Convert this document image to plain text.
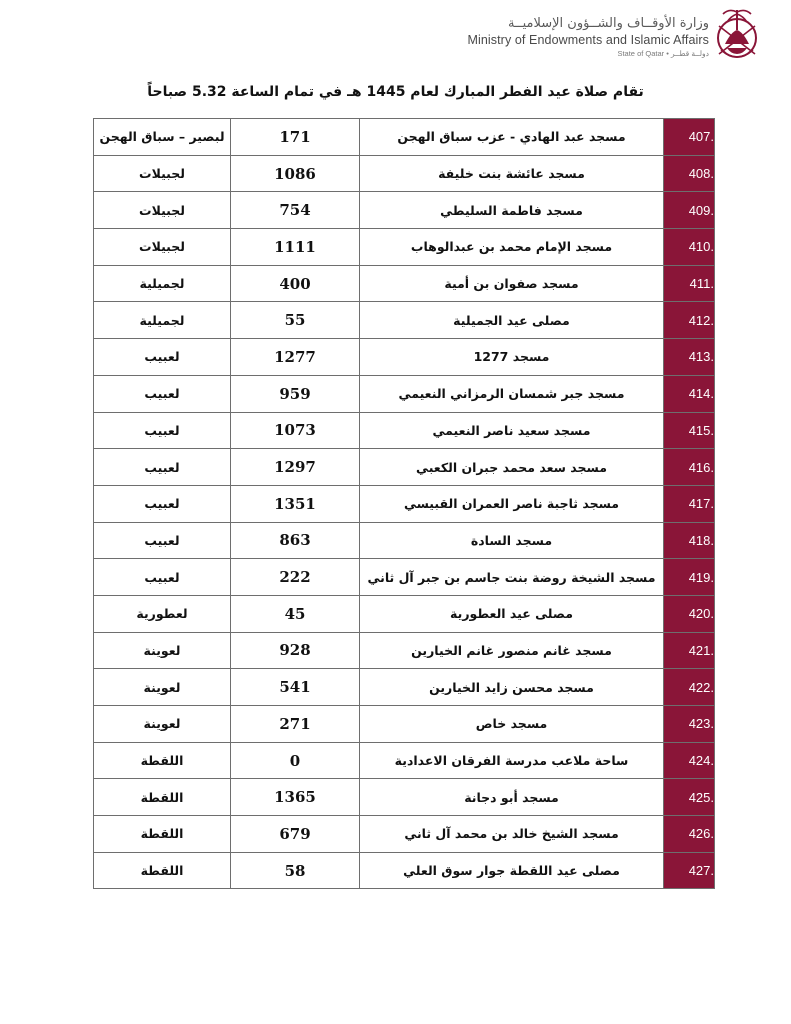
وزارة الأوقــاف والشــؤون الإسلاميــة
Ministry of Endowments and Islamic Affairs
State of Qatar • دولــة قطــر
تقام صلاة عيد الفطر المبارك لعام 1445 هـ في تمام الساعة 5.32 صباحاً
لبصير – سباق الهجن	171	مسجد عبد الهادي - عزب سباق الهجن	407.
لجبيلات	1086	مسجد عائشة بنت خليفة	408.
لجبيلات	754	مسجد فاطمة السليطي	409.
لجبيلات	1111	مسجد الإمام محمد بن عبدالوهاب	410.
لجميلية	400	مسجد صفوان بن أمية	411.
لجميلية	55	مصلى عيد الجميلية	412.
لعبيب	1277	مسجد 1277	413.
لعبيب	959	مسجد جبر شمسان الرمزاني النعيمي	414.
لعبيب	1073	مسجد سعيد ناصر النعيمي	415.
لعبيب	1297	مسجد سعد محمد جبران الكعبي	416.
لعبيب	1351	مسجد ثاجبة ناصر العمران القبيسي	417.
لعبيب	863	مسجد السادة	418.
لعبيب	222	مسجد الشيخة روضة بنت جاسم بن جبر آل ثاني	419.
لعطورية	45	مصلى عيد العطورية	420.
لعوينة	928	مسجد غانم منصور غانم الخيارين	421.
لعوينة	541	مسجد محسن زايد الخيارين	422.
لعوينة	271	مسجد خاص	423.
اللقطة	0	ساحة ملاعب مدرسة الفرقان الاعدادية	424.
اللقطة	1365	مسجد أبو دجانة	425.
اللقطة	679	مسجد الشيخ خالد بن محمد آل ثاني	426.
اللقطة	58	مصلى عيد اللقطة جوار سوق العلي	427.
